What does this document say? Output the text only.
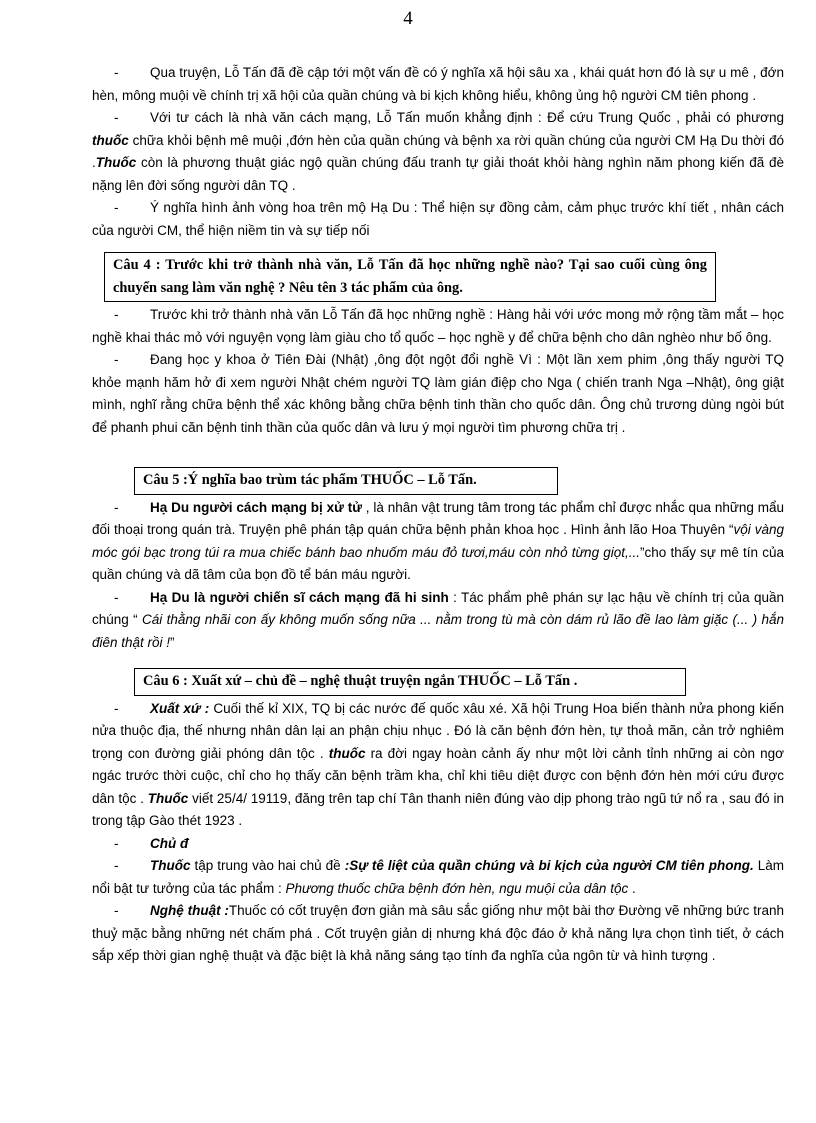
4

- Qua truyện, Lỗ Tấn đã đề cập tới một vấn đề có ý nghĩa xã hội sâu xa , khái quát hơn đó là sự u mê , đớn hèn, mông muội về chính trị xã hội của quần chúng và bi kịch không hiểu, không ủng hộ người CM tiên phong .

- Với tư cách là nhà văn cách mạng, Lỗ Tấn muốn khẳng định : Để cứu Trung Quốc , phải có phương thuốc chữa khỏi bệnh mê muội ,đớn hèn của quần chúng và bệnh xa rời quần chúng của người CM Hạ Du thời đó .Thuốc còn là phương thuật giác ngộ quần chúng đấu tranh tự giải thoát khỏi hàng nghìn năm phong kiến đã đè nặng lên đời sống người dân TQ .

- Ý nghĩa hình ảnh vòng hoa trên mộ Hạ Du : Thể hiện sự đồng cảm, cảm phục trước khí tiết , nhân cách của người CM, thể hiện niềm tin và sự tiếp nối

Câu 4 : Trước khi trở thành nhà văn, Lỗ Tấn đã học những nghề nào? Tại sao cuối cùng ông chuyển sang làm văn nghệ ? Nêu tên 3 tác phẩm của ông.

- Trước khi trở thành nhà văn Lỗ Tấn đã học những nghề : Hàng hải với ước mong mở rộng tầm mắt – học nghề khai thác mỏ với nguyện vọng làm giàu cho tổ quốc – học nghề y để chữa bệnh cho dân nghèo như bố ông.

- Đang học y khoa ở Tiên Đài (Nhật) ,ông đột ngột đổi nghề Vì : Một lần xem phim ,ông thấy người TQ khỏe mạnh hăm hở đi xem người Nhật chém người TQ làm gián điệp cho Nga ( chiến tranh Nga –Nhật), ông giật mình, nghĩ rằng chữa bệnh thể xác không bằng chữa bệnh tinh thần cho quốc dân. Ông chủ trương dùng ngòi bút để phanh phui căn bệnh tinh thần của quốc dân và lưu ý mọi người tìm phương chữa trị .

Câu 5 :Ý nghĩa bao trùm tác phẩm THUỐC – Lỗ Tấn.

- Hạ Du người cách mạng bị xử tử , là nhân vật trung tâm trong tác phẩm chỉ được nhắc qua những mẩu đối thoại trong quán trà. Truyện phê phán tập quán chữa bệnh phản khoa học . Hình ảnh lão Hoa Thuyên “vội vàng móc gói bạc trong túi ra mua chiếc bánh bao nhuốm máu đỏ tươi,máu còn nhỏ từng giọt,...”cho thấy sự mê tín của quần chúng và dã tâm của bọn đồ tể bán máu người.

- Hạ Du là người chiến sĩ cách mạng đã hi sinh : Tác phẩm phê phán sự lạc hậu về chính trị của quần chúng “ Cái thằng nhãi con ấy không muốn sống nữa ... nằm trong tù mà còn dám rủ lão đề lao làm giặc (... ) hắn điên thật rồi !”

Câu 6 : Xuất xứ – chủ đề – nghệ thuật truyện ngắn THUỐC – Lỗ Tấn .

- Xuất xứ : Cuối thế kỉ XIX, TQ bị các nước đế quốc xâu xé. Xã hội Trung Hoa biến thành nửa phong kiến nửa thuộc địa, thế nhưng nhân dân lại an phận chịu nhục . Đó là căn bệnh đớn hèn, tự thoả mãn, cản trở nghiêm trọng con đường giải phóng dân tộc . thuốc ra đời ngay hoàn cảnh ấy như một lời cảnh tỉnh những ai còn ngơ ngác trước thời cuộc, chỉ cho họ thấy căn bệnh trầm kha, chỉ khi tiêu diệt được con bệnh đớn hèn mới cứu được dân tộc . Thuốc viết 25/4/ 19119, đăng trên tap chí Tân thanh niên đúng vào dịp phong trào ngũ tứ nổ ra , sau đó in trong tập Gào thét 1923 .

- Chủ đ

- Thuốc tập trung vào hai chủ đề :Sự tê liệt của quần chúng và bi kịch của người CM tiên phong. Làm nổi bật tư tưởng của tác phẩm : Phương thuốc chữa bệnh đớn hèn, ngu muội của dân tộc .

- Nghệ thuật :Thuốc có cốt truyện đơn giản mà sâu sắc giống như một bài thơ Đường vẽ những bức tranh thuỷ mặc bằng những nét chấm phá . Cốt truyện giản dị nhưng khá độc đáo ở khả năng lựa chọn tình tiết, ở cách sắp xếp thời gian nghệ thuật và đặc biệt là khả năng sáng tạo tính đa nghĩa của ngôn từ và hình tượng .
